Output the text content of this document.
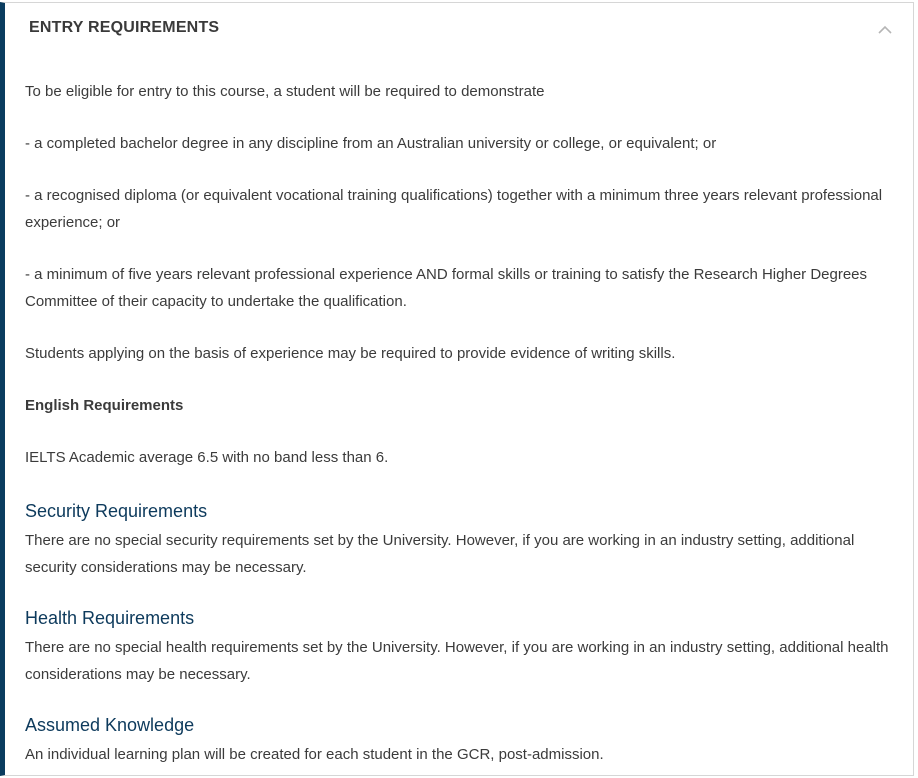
ENTRY REQUIREMENTS

To be eligible for entry to this course, a student will be required to demonstrate

- a completed bachelor degree in any discipline from an Australian university or college, or equivalent; or

- a recognised diploma (or equivalent vocational training qualifications) together with a minimum three years relevant professional experience; or

- a minimum of five years relevant professional experience AND formal skills or training to satisfy the Research Higher Degrees Committee of their capacity to undertake the qualification.

Students applying on the basis of experience may be required to provide evidence of writing skills.

English Requirements

IELTS Academic average 6.5 with no band less than 6.

Security Requirements

There are no special security requirements set by the University. However, if you are working in an industry setting, additional security considerations may be necessary.

Health Requirements

There are no special health requirements set by the University. However, if you are working in an industry setting, additional health considerations may be necessary.

Assumed Knowledge

An individual learning plan will be created for each student in the GCR, post-admission.
